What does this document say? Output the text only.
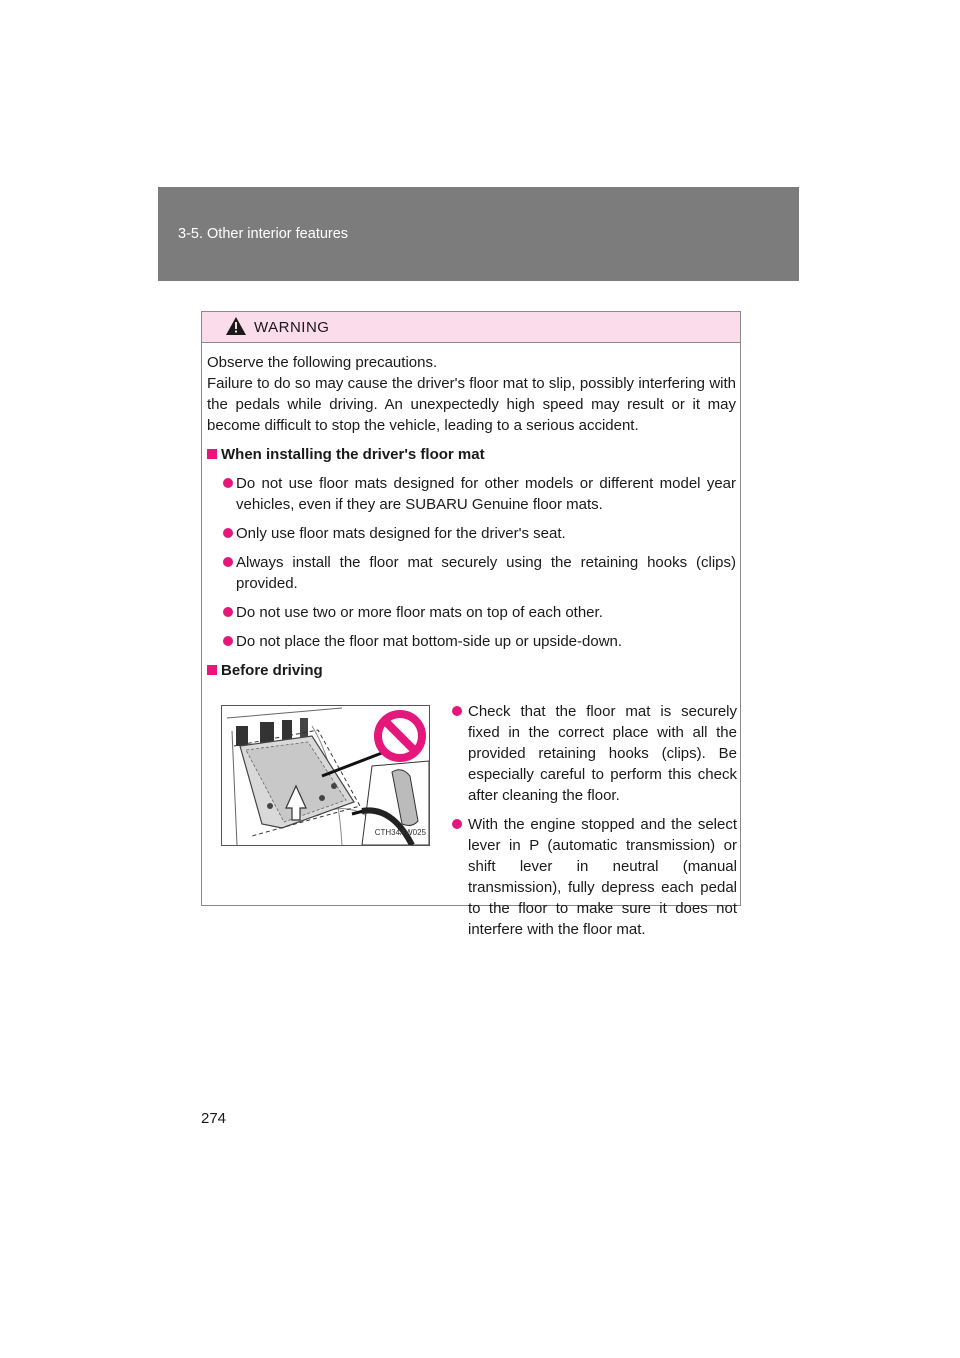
3-5. Other interior features
WARNING

Observe the following precautions.

Failure to do so may cause the driver's floor mat to slip, possibly interfering with the pedals while driving. An unexpectedly high speed may result or it may become difficult to stop the vehicle, leading to a serious accident.

When installing the driver's floor mat
Do not use floor mats designed for other models or different model year vehicles, even if they are SUBARU Genuine floor mats.
Only use floor mats designed for the driver's seat.
Always install the floor mat securely using the retaining hooks (clips) provided.
Do not use two or more floor mats on top of each other.
Do not place the floor mat bottom-side up or upside-down.
Before driving
CTH34AW025
Check that the floor mat is securely fixed in the correct place with all the provided retaining hooks (clips). Be especially careful to perform this check after cleaning the floor.
With the engine stopped and the select lever in P (automatic transmission) or shift lever in neutral (manual transmission), fully depress each pedal to the floor to make sure it does not interfere with the floor mat.
274
